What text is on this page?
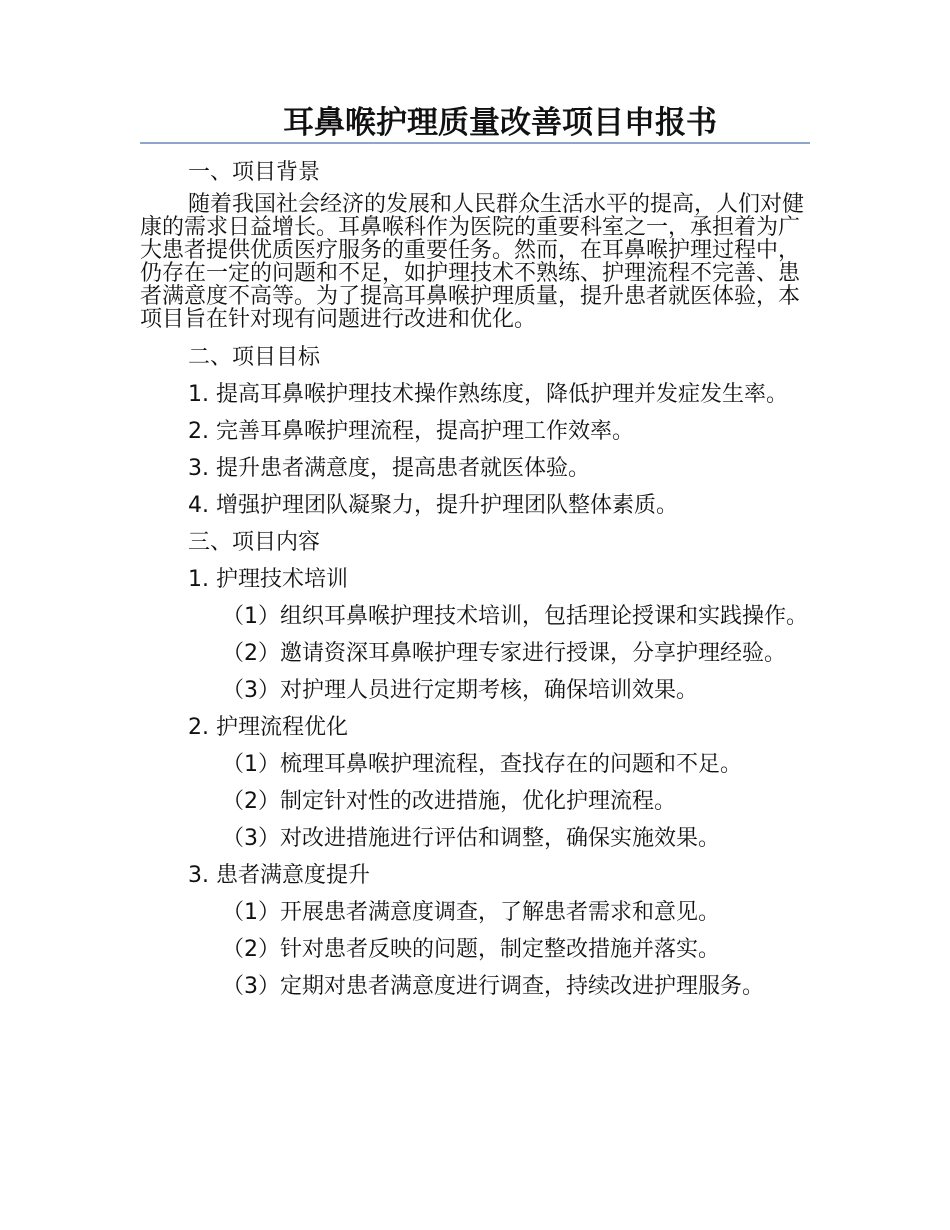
耳鼻喉护理质量改善项目申报书

一、项目背景

随着我国社会经济的发展和人民群众生活水平的提高，人们对健康的需求日益增长。耳鼻喉科作为医院的重要科室之一，承担着为广大患者提供优质医疗服务的重要任务。然而，在耳鼻喉护理过程中，仍存在一定的问题和不足，如护理技术不熟练、护理流程不完善、患者满意度不高等。为了提高耳鼻喉护理质量，提升患者就医体验，本项目旨在针对现有问题进行改进和优化。

二、项目目标

1. 提高耳鼻喉护理技术操作熟练度，降低护理并发症发生率。

2. 完善耳鼻喉护理流程，提高护理工作效率。

3. 提升患者满意度，提高患者就医体验。

4. 增强护理团队凝聚力，提升护理团队整体素质。

三、项目内容

1. 护理技术培训

（1）组织耳鼻喉护理技术培训，包括理论授课和实践操作。

（2）邀请资深耳鼻喉护理专家进行授课，分享护理经验。

（3）对护理人员进行定期考核，确保培训效果。

2. 护理流程优化

（1）梳理耳鼻喉护理流程，查找存在的问题和不足。

（2）制定针对性的改进措施，优化护理流程。

（3）对改进措施进行评估和调整，确保实施效果。

3. 患者满意度提升

（1）开展患者满意度调查，了解患者需求和意见。

（2）针对患者反映的问题，制定整改措施并落实。

（3）定期对患者满意度进行调查，持续改进护理服务。
